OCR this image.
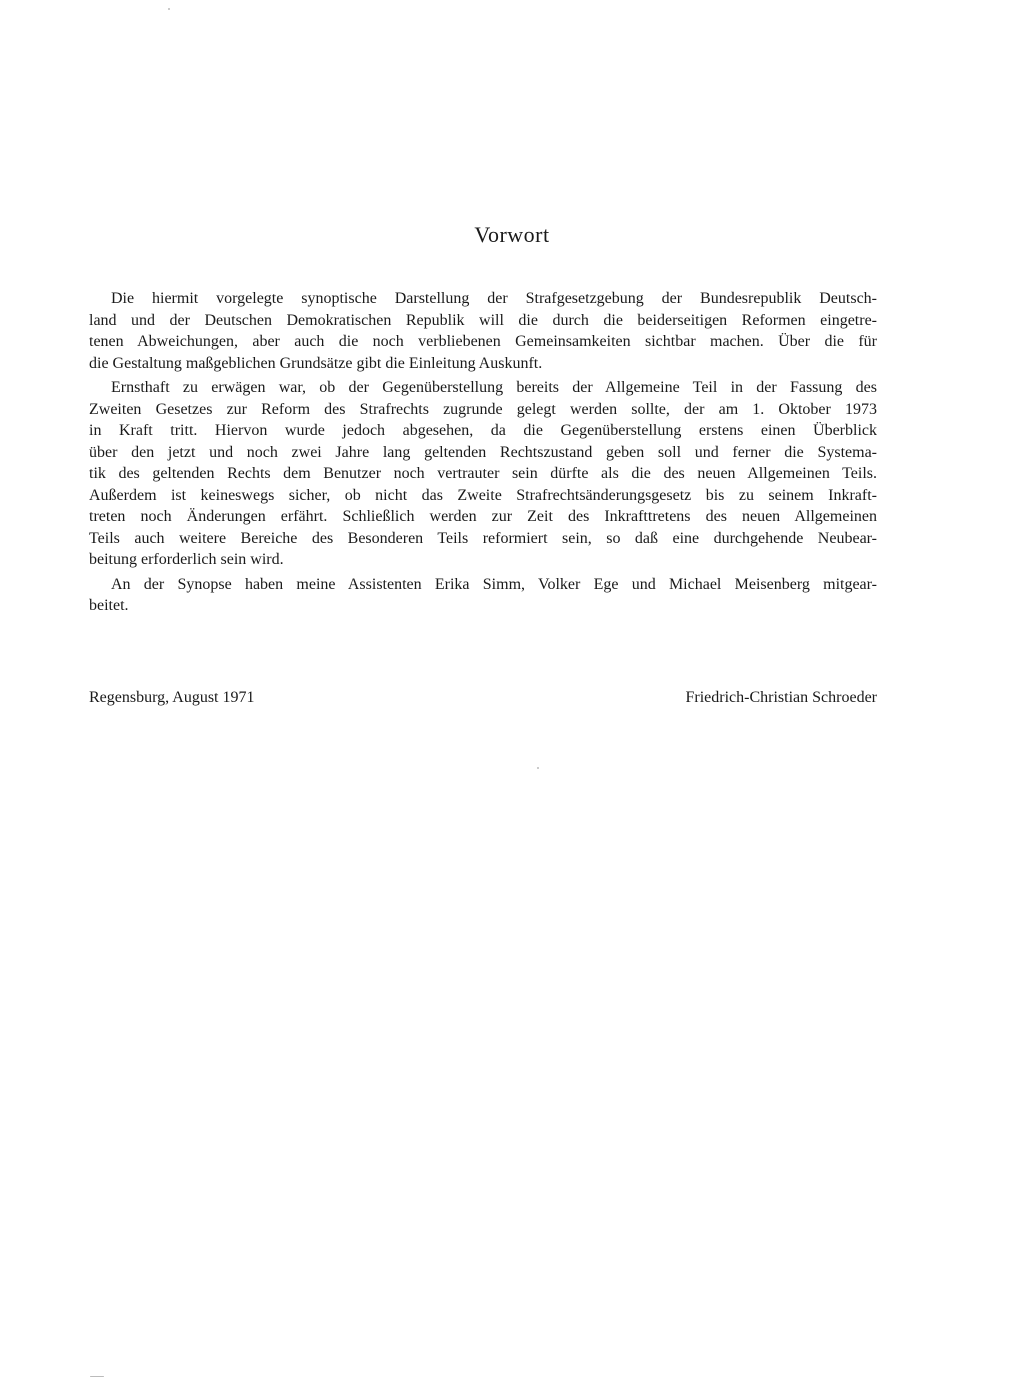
Vorwort

Die hiermit vorgelegte synoptische Darstellung der Strafgesetzgebung der Bundesrepublik Deutsch-
land und der Deutschen Demokratischen Republik will die durch die beiderseitigen Reformen eingetre-
tenen Abweichungen, aber auch die noch verbliebenen Gemeinsamkeiten sichtbar machen. Über die für
die Gestaltung maßgeblichen Grundsätze gibt die Einleitung Auskunft.

Ernsthaft zu erwägen war, ob der Gegenüberstellung bereits der Allgemeine Teil in der Fassung des
Zweiten Gesetzes zur Reform des Strafrechts zugrunde gelegt werden sollte, der am 1. Oktober 1973
in Kraft tritt. Hiervon wurde jedoch abgesehen, da die Gegenüberstellung erstens einen Überblick
über den jetzt und noch zwei Jahre lang geltenden Rechtszustand geben soll und ferner die Systema-
tik des geltenden Rechts dem Benutzer noch vertrauter sein dürfte als die des neuen Allgemeinen Teils.
Außerdem ist keineswegs sicher, ob nicht das Zweite Strafrechtsänderungsgesetz bis zu seinem Inkraft-
treten noch Änderungen erfährt. Schließlich werden zur Zeit des Inkrafttretens des neuen Allgemeinen
Teils auch weitere Bereiche des Besonderen Teils reformiert sein, so daß eine durchgehende Neubear-
beitung erforderlich sein wird.

An der Synopse haben meine Assistenten Erika Simm, Volker Ege und Michael Meisenberg mitgear-
beitet.

Regensburg, August 1971	Friedrich-Christian Schroeder
